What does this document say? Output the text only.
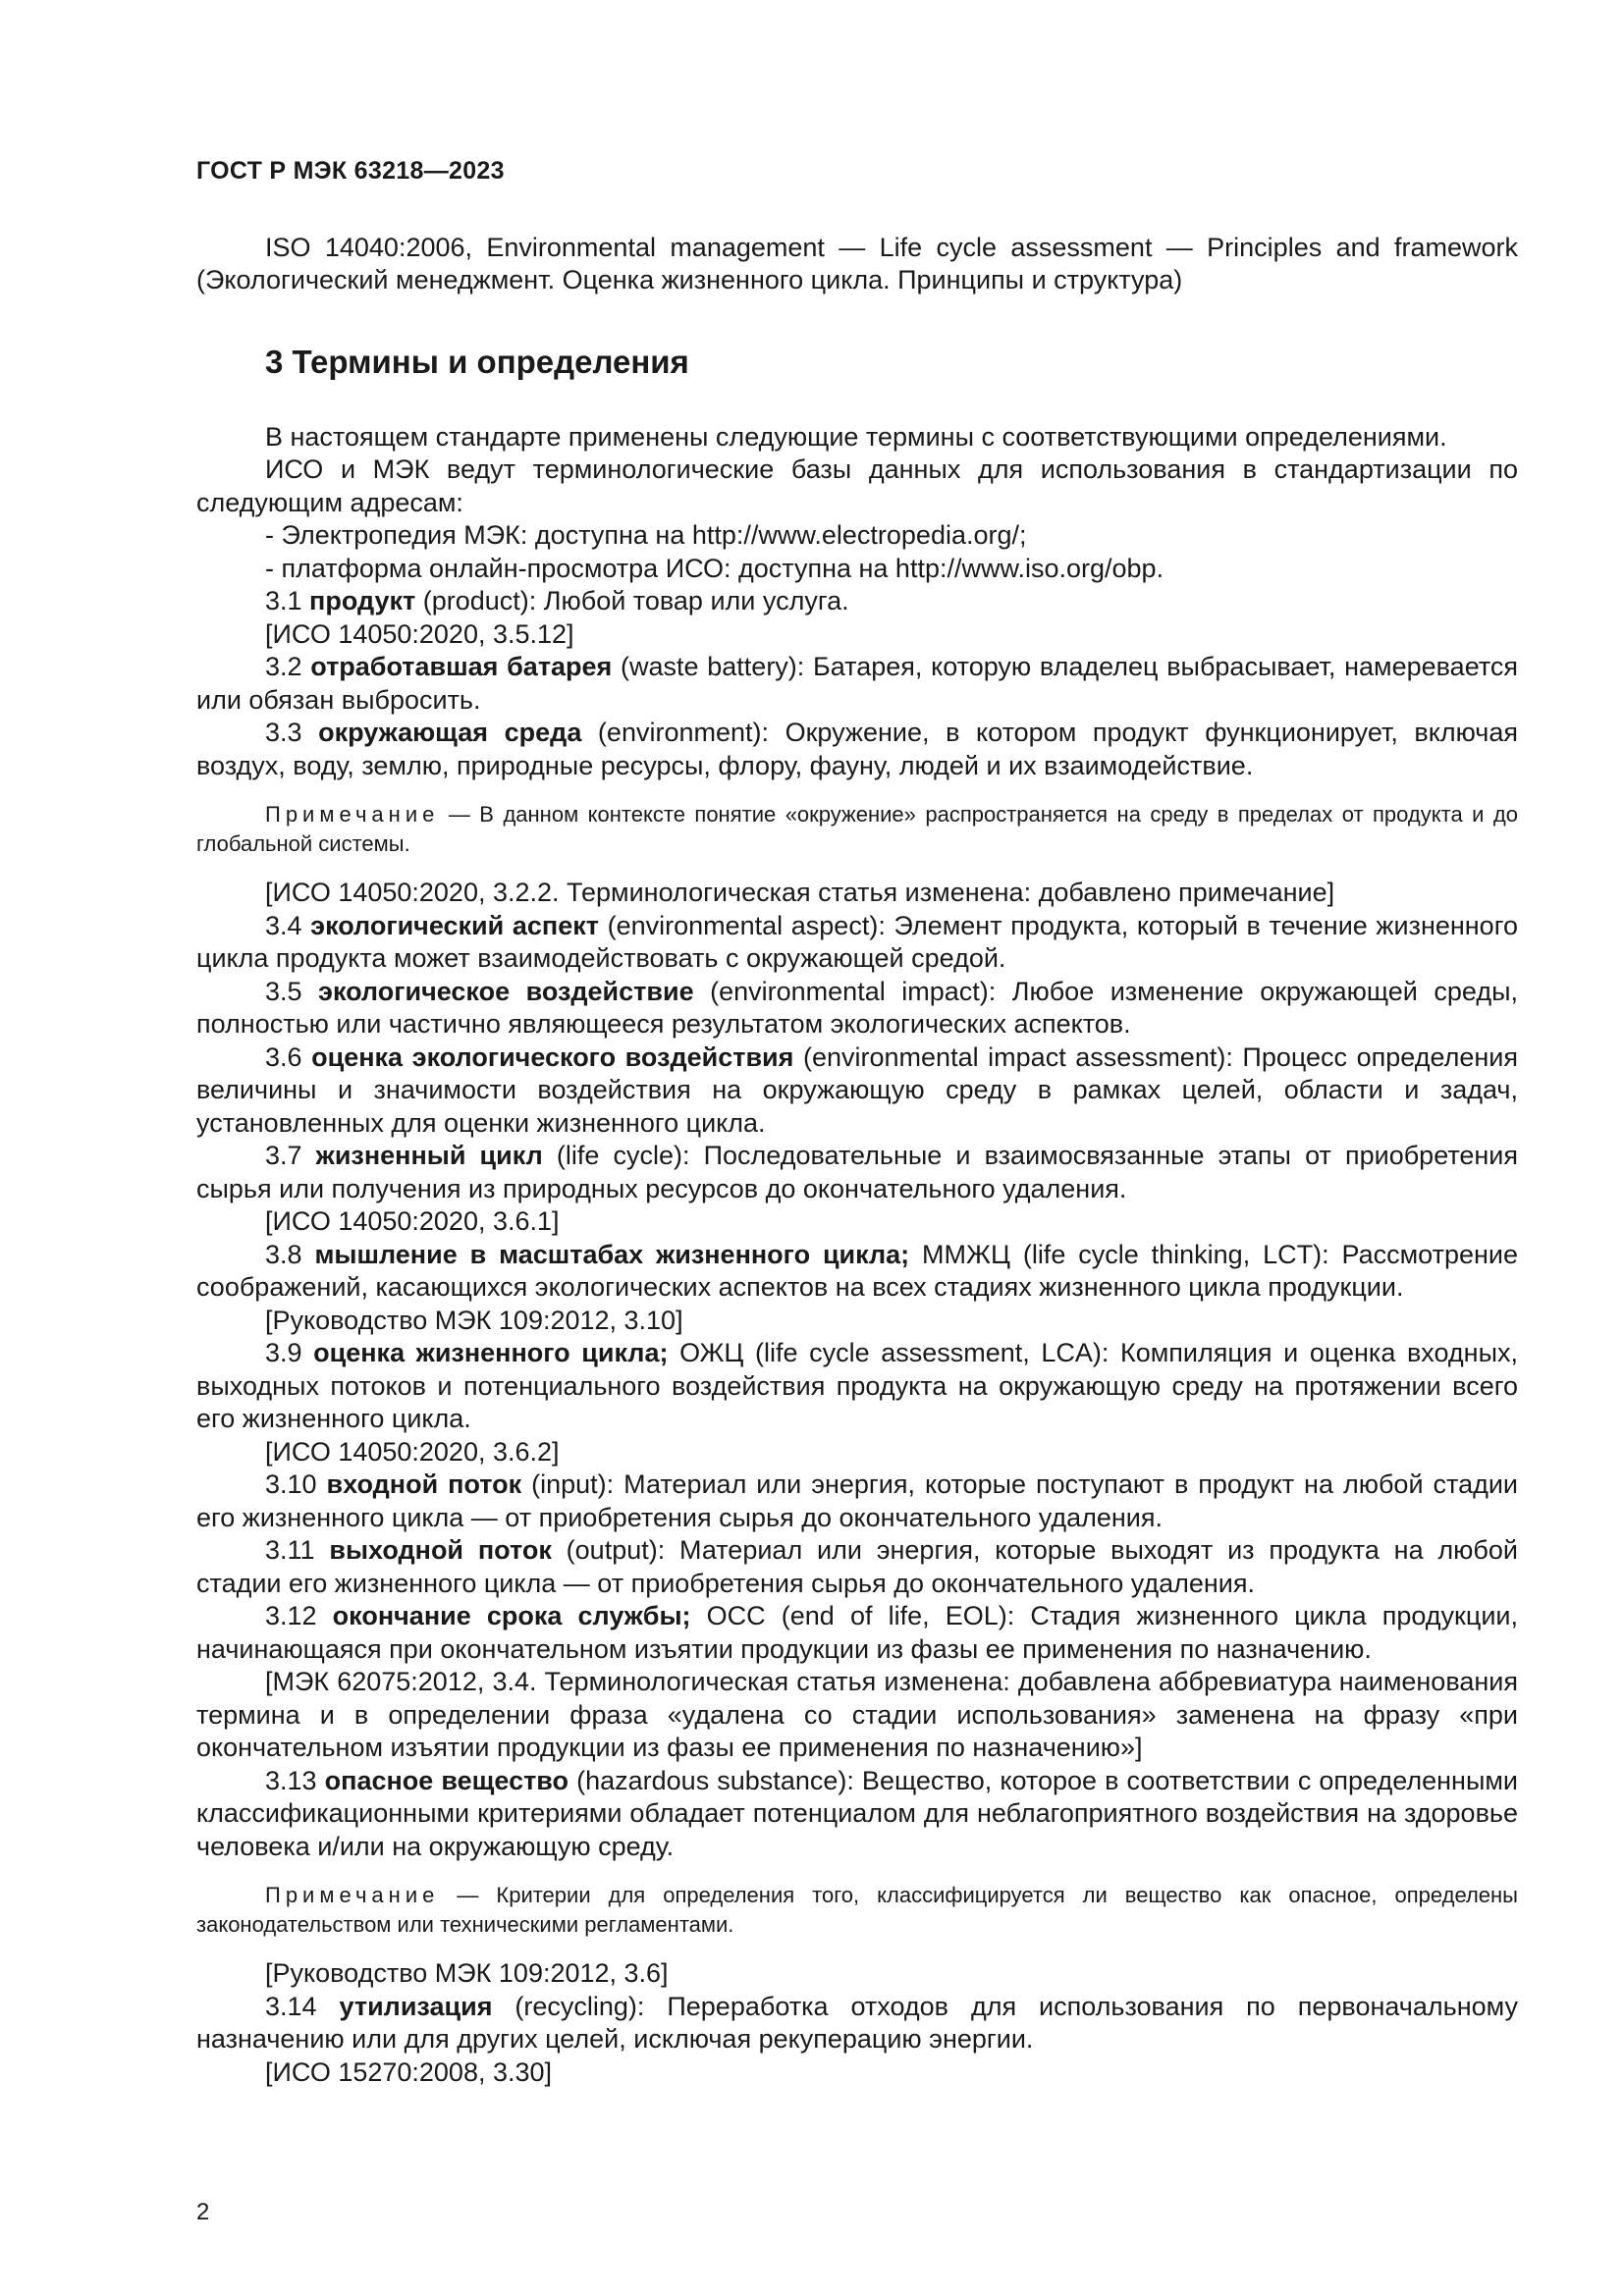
ГОСТ Р МЭК 63218—2023

ISO 14040:2006, Environmental management — Life cycle assessment — Principles and framework (Экологический менеджмент. Оценка жизненного цикла. Принципы и структура)

3 Термины и определения

В настоящем стандарте применены следующие термины с соответствующими определениями.

ИСО и МЭК ведут терминологические базы данных для использования в стандартизации по следующим адресам:

- Электропедия МЭК: доступна на http://www.electropedia.org/;

- платформа онлайн-просмотра ИСО: доступна на http://www.iso.org/obp.

3.1 продукт (product): Любой товар или услуга.

[ИСО 14050:2020, 3.5.12]

3.2 отработавшая батарея (waste battery): Батарея, которую владелец выбрасывает, намеревается или обязан выбросить.

3.3 окружающая среда (environment): Окружение, в котором продукт функционирует, включая воздух, воду, землю, природные ресурсы, флору, фауну, людей и их взаимодействие.

Примечание — В данном контексте понятие «окружение» распространяется на среду в пределах от продукта и до глобальной системы.

[ИСО 14050:2020, 3.2.2. Терминологическая статья изменена: добавлено примечание]

3.4 экологический аспект (environmental aspect): Элемент продукта, который в течение жизненного цикла продукта может взаимодействовать с окружающей средой.

3.5 экологическое воздействие (environmental impact): Любое изменение окружающей среды, полностью или частично являющееся результатом экологических аспектов.

3.6 оценка экологического воздействия (environmental impact assessment): Процесс определения величины и значимости воздействия на окружающую среду в рамках целей, области и задач, установленных для оценки жизненного цикла.

3.7 жизненный цикл (life cycle): Последовательные и взаимосвязанные этапы от приобретения сырья или получения из природных ресурсов до окончательного удаления.

[ИСО 14050:2020, 3.6.1]

3.8 мышление в масштабах жизненного цикла; ММЖЦ (life cycle thinking, LCT): Рассмотрение соображений, касающихся экологических аспектов на всех стадиях жизненного цикла продукции.

[Руководство МЭК 109:2012, 3.10]

3.9 оценка жизненного цикла; ОЖЦ (life cycle assessment, LCA): Компиляция и оценка входных, выходных потоков и потенциального воздействия продукта на окружающую среду на протяжении всего его жизненного цикла.

[ИСО 14050:2020, 3.6.2]

3.10 входной поток (input): Материал или энергия, которые поступают в продукт на любой стадии его жизненного цикла — от приобретения сырья до окончательного удаления.

3.11 выходной поток (output): Материал или энергия, которые выходят из продукта на любой стадии его жизненного цикла — от приобретения сырья до окончательного удаления.

3.12 окончание срока службы; ОСС (end of life, EOL): Стадия жизненного цикла продукции, начинающаяся при окончательном изъятии продукции из фазы ее применения по назначению.

[МЭК 62075:2012, 3.4. Терминологическая статья изменена: добавлена аббревиатура наименования термина и в определении фраза «удалена со стадии использования» заменена на фразу «при окончательном изъятии продукции из фазы ее применения по назначению»]

3.13 опасное вещество (hazardous substance): Вещество, которое в соответствии с определенными классификационными критериями обладает потенциалом для неблагоприятного воздействия на здоровье человека и/или на окружающую среду.

Примечание — Критерии для определения того, классифицируется ли вещество как опасное, определены законодательством или техническими регламентами.

[Руководство МЭК 109:2012, 3.6]

3.14 утилизация (recycling): Переработка отходов для использования по первоначальному назначению или для других целей, исключая рекуперацию энергии.

[ИСО 15270:2008, 3.30]

2
